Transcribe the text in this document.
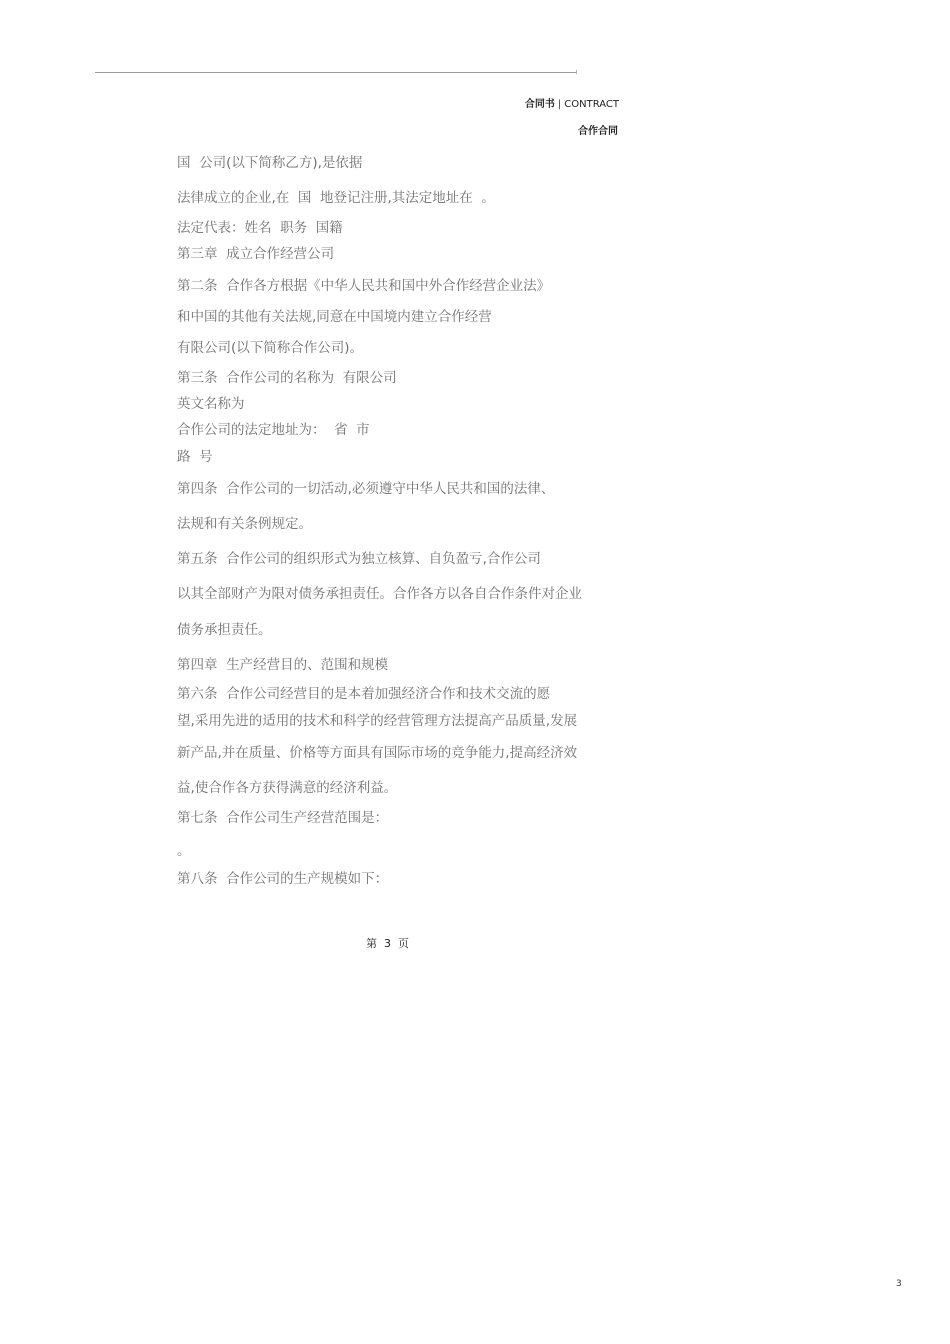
合同书 | CONTRACT
合作合同
国  公司(以下简称乙方),是依据
法律成立的企业,在  国  地登记注册,其法定地址在  。
法定代表：姓名  职务  国籍
第三章  成立合作经营公司
第二条  合作各方根据《中华人民共和国中外合作经营企业法》
和中国的其他有关法规,同意在中国境内建立合作经营
有限公司(以下简称合作公司)。
第三条  合作公司的名称为  有限公司
英文名称为
合作公司的法定地址为：  省  市
路  号
第四条  合作公司的一切活动,必须遵守中华人民共和国的法律、
法规和有关条例规定。
第五条  合作公司的组织形式为独立核算、自负盈亏,合作公司
以其全部财产为限对债务承担责任。合作各方以各自合作条件对企业
债务承担责任。
第四章  生产经营目的、范围和规模
第六条  合作公司经营目的是本着加强经济合作和技术交流的愿
望,采用先进的适用的技术和科学的经营管理方法提高产品质量,发展
新产品,并在质量、价格等方面具有国际市场的竞争能力,提高经济效
益,使合作各方获得满意的经济利益。
第七条  合作公司生产经营范围是：
。
第八条  合作公司的生产规模如下：
第  3  页
3
